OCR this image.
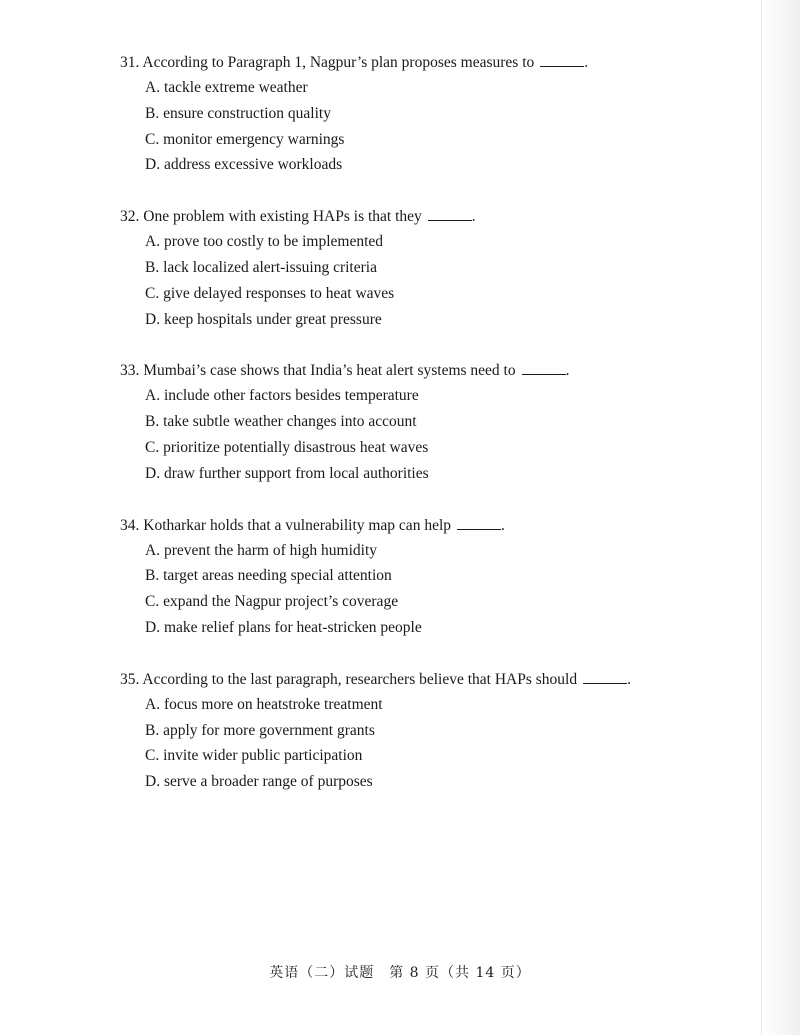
31. According to Paragraph 1, Nagpur’s plan proposes measures to	.
A. tackle extreme weather
B. ensure construction quality
C. monitor emergency warnings
D. address excessive workloads
32. One problem with existing HAPs is that they	.
A. prove too costly to be implemented
B. lack localized alert-issuing criteria
C. give delayed responses to heat waves
D. keep hospitals under great pressure
33. Mumbai’s case shows that India’s heat alert systems need to	.
A. include other factors besides temperature
B. take subtle weather changes into account
C. prioritize potentially disastrous heat waves
D. draw further support from local authorities
34. Kotharkar holds that a vulnerability map can help	.
A. prevent the harm of high humidity
B. target areas needing special attention
C. expand the Nagpur project’s coverage
D. make relief plans for heat-stricken people
35. According to the last paragraph, researchers believe that HAPs should	.
A. focus more on heatstroke treatment
B. apply for more government grants
C. invite wider public participation
D. serve a broader range of purposes
英语（二）试题　第 8 页（共 14 页）
